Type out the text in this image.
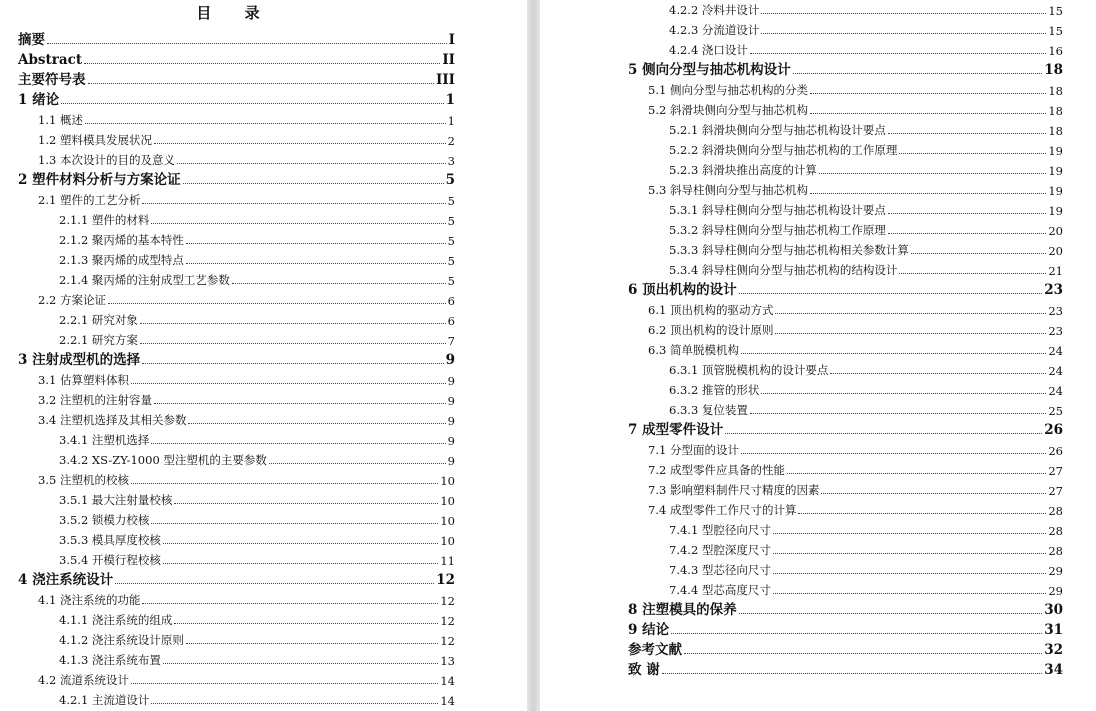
目 录
摘要	I
Abstract	II
主要符号表	III
1 绪论	1
1.1 概述	1
1.2 塑料模具发展状况	2
1.3 本次设计的目的及意义	3
2 塑件材料分析与方案论证	5
2.1 塑件的工艺分析	5
2.1.1 塑件的材料	5
2.1.2 聚丙烯的基本特性	5
2.1.3 聚丙烯的成型特点	5
2.1.4 聚丙烯的注射成型工艺参数	5
2.2 方案论证	6
2.2.1 研究对象	6
2.2.1 研究方案	7
3 注射成型机的选择	9
3.1 估算塑料体积	9
3.2 注塑机的注射容量	9
3.4 注塑机选择及其相关参数	9
3.4.1 注塑机选择	9
3.4.2 XS-ZY-1000 型注塑机的主要参数	9
3.5 注塑机的校核	10
3.5.1 最大注射量校核	10
3.5.2 锁模力校核	10
3.5.3 模具厚度校核	10
3.5.4 开模行程校核	11
4 浇注系统设计	12
4.1 浇注系统的功能	12
4.1.1 浇注系统的组成	12
4.1.2 浇注系统设计原则	12
4.1.3 浇注系统布置	13
4.2 流道系统设计	14
4.2.1 主流道设计	14
4.2.2 冷料井设计	15
4.2.3 分流道设计	15
4.2.4 浇口设计	16
5 侧向分型与抽芯机构设计	18
5.1 侧向分型与抽芯机构的分类	18
5.2 斜滑块侧向分型与抽芯机构	18
5.2.1 斜滑块侧向分型与抽芯机构设计要点	18
5.2.2 斜滑块侧向分型与抽芯机构的工作原理	19
5.2.3 斜滑块推出高度的计算	19
5.3 斜导柱侧向分型与抽芯机构	19
5.3.1 斜导柱侧向分型与抽芯机构设计要点	19
5.3.2 斜导柱侧向分型与抽芯机构工作原理	20
5.3.3 斜导柱侧向分型与抽芯机构相关参数计算	20
5.3.4 斜导柱侧向分型与抽芯机构的结构设计	21
6 顶出机构的设计	23
6.1 顶出机构的驱动方式	23
6.2 顶出机构的设计原则	23
6.3 简单脱模机构	24
6.3.1 顶管脱模机构的设计要点	24
6.3.2 推管的形状	24
6.3.3 复位装置	25
7 成型零件设计	26
7.1 分型面的设计	26
7.2 成型零件应具备的性能	27
7.3 影响塑料制件尺寸精度的因素	27
7.4 成型零件工作尺寸的计算	28
7.4.1 型腔径向尺寸	28
7.4.2 型腔深度尺寸	28
7.4.3 型芯径向尺寸	29
7.4.4 型芯高度尺寸	29
8 注塑模具的保养	30
9 结论	31
参考文献	32
致 谢	34
